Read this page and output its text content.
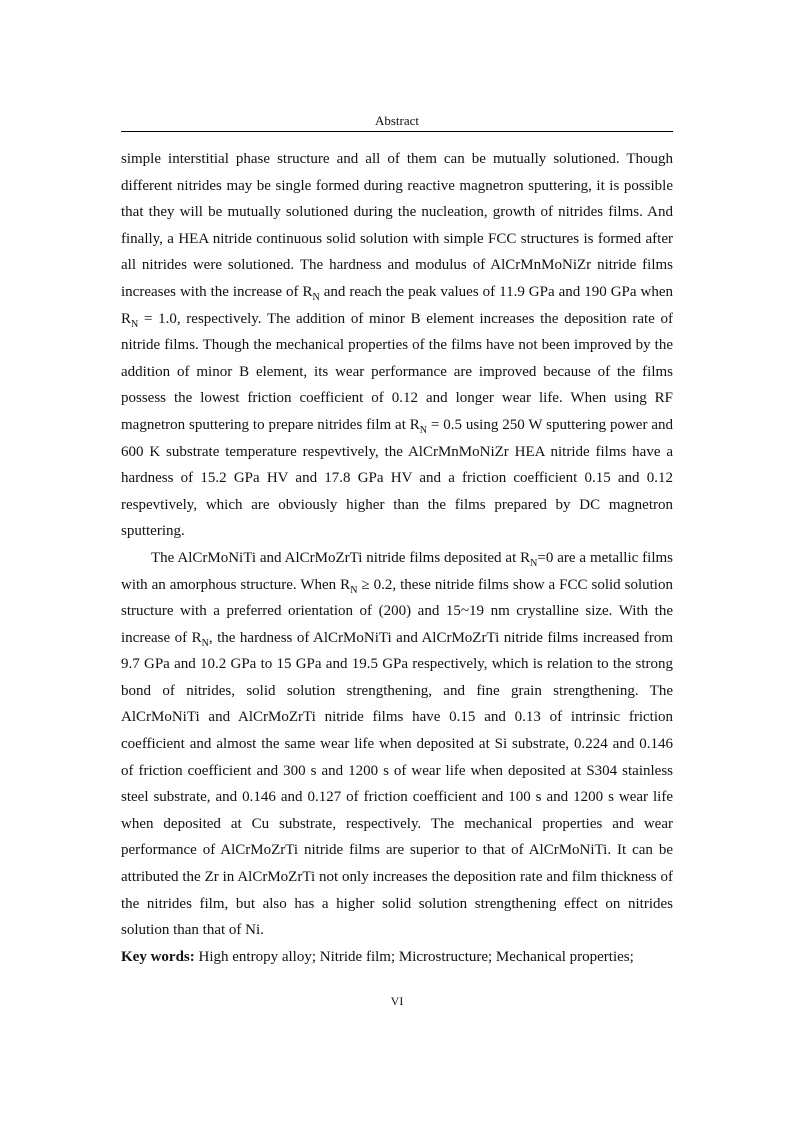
Abstract

simple interstitial phase structure and all of them can be mutually solutioned. Though different nitrides may be single formed during reactive magnetron sputtering, it is possible that they will be mutually solutioned during the nucleation, growth of nitrides films. And finally, a HEA nitride continuous solid solution with simple FCC structures is formed after all nitrides were solutioned. The hardness and modulus of AlCrMnMoNiZr nitride films increases with the increase of $R_N$ and reach the peak values of 11.9 GPa and 190 GPa when $R_N = 1.0$, respectively. The addition of minor B element increases the deposition rate of nitride films. Though the mechanical properties of the films have not been improved by the addition of minor B element, its wear performance are improved because of the films possess the lowest friction coefficient of 0.12 and longer wear life. When using RF magnetron sputtering to prepare nitrides film at $R_N = 0.5$ using 250 W sputtering power and 600 K substrate temperature respevtively, the AlCrMnMoNiZr HEA nitride films have a hardness of 15.2 GPa HV and 17.8 GPa HV and a friction coefficient 0.15 and 0.12 respevtively, which are obviously higher than the films prepared by DC magnetron sputtering.

The AlCrMoNiTi and AlCrMoZrTi nitride films deposited at $R_N=0$ are a metallic films with an amorphous structure. When $R_N \ge 0.2$, these nitride films show a FCC solid solution structure with a preferred orientation of (200) and 15~19 nm crystalline size. With the increase of $R_N$, the hardness of AlCrMoNiTi and AlCrMoZrTi nitride films increased from 9.7 GPa and 10.2 GPa to 15 GPa and 19.5 GPa respectively, which is relation to the strong bond of nitrides, solid solution strengthening, and fine grain strengthening. The AlCrMoNiTi and AlCrMoZrTi nitride films have 0.15 and 0.13 of intrinsic friction coefficient and almost the same wear life when deposited at Si substrate, 0.224 and 0.146 of friction coefficient and 300 s and 1200 s of wear life when deposited at S304 stainless steel substrate, and 0.146 and 0.127 of friction coefficient and 100 s and 1200 s wear life when deposited at Cu substrate, respectively. The mechanical properties and wear performance of AlCrMoZrTi nitride films are superior to that of AlCrMoNiTi. It can be attributed the Zr in AlCrMoZrTi not only increases the deposition rate and film thickness of the nitrides film, but also has a higher solid solution strengthening effect on nitrides solution than that of Ni.

Key words: High entropy alloy; Nitride film; Microstructure; Mechanical properties;

VI
